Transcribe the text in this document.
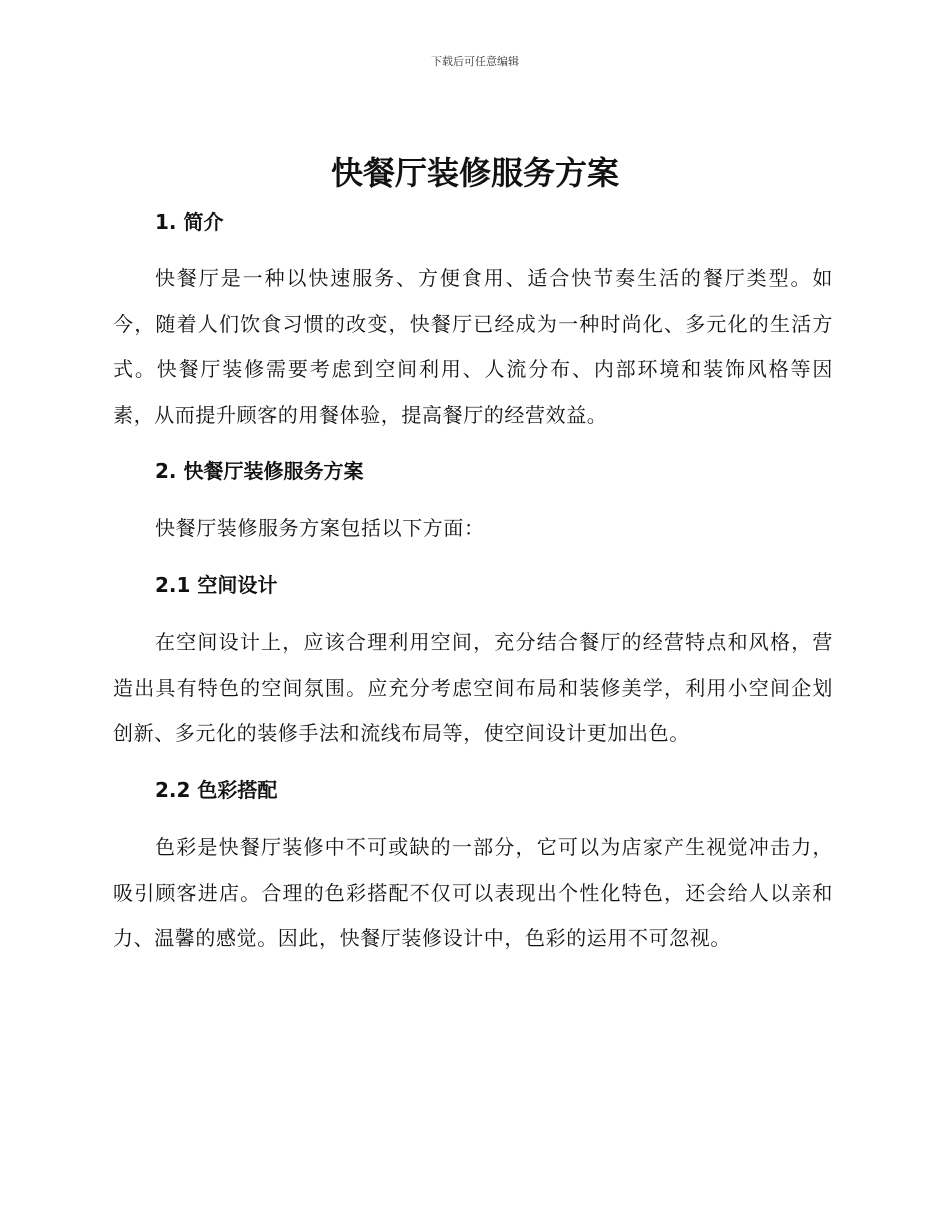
下载后可任意编辑
快餐厅装修服务方案
1. 简介

快餐厅是一种以快速服务、方便食用、适合快节奏生活的餐厅类型。如今，随着人们饮食习惯的改变，快餐厅已经成为一种时尚化、多元化的生活方式。快餐厅装修需要考虑到空间利用、人流分布、内部环境和装饰风格等因素，从而提升顾客的用餐体验，提高餐厅的经营效益。

2. 快餐厅装修服务方案

快餐厅装修服务方案包括以下方面：

2.1 空间设计

在空间设计上，应该合理利用空间，充分结合餐厅的经营特点和风格，营造出具有特色的空间氛围。应充分考虑空间布局和装修美学，利用小空间企划创新、多元化的装修手法和流线布局等，使空间设计更加出色。

2.2 色彩搭配

色彩是快餐厅装修中不可或缺的一部分，它可以为店家产生视觉冲击力，吸引顾客进店。合理的色彩搭配不仅可以表现出个性化特色，还会给人以亲和力、温馨的感觉。因此，快餐厅装修设计中，色彩的运用不可忽视。
